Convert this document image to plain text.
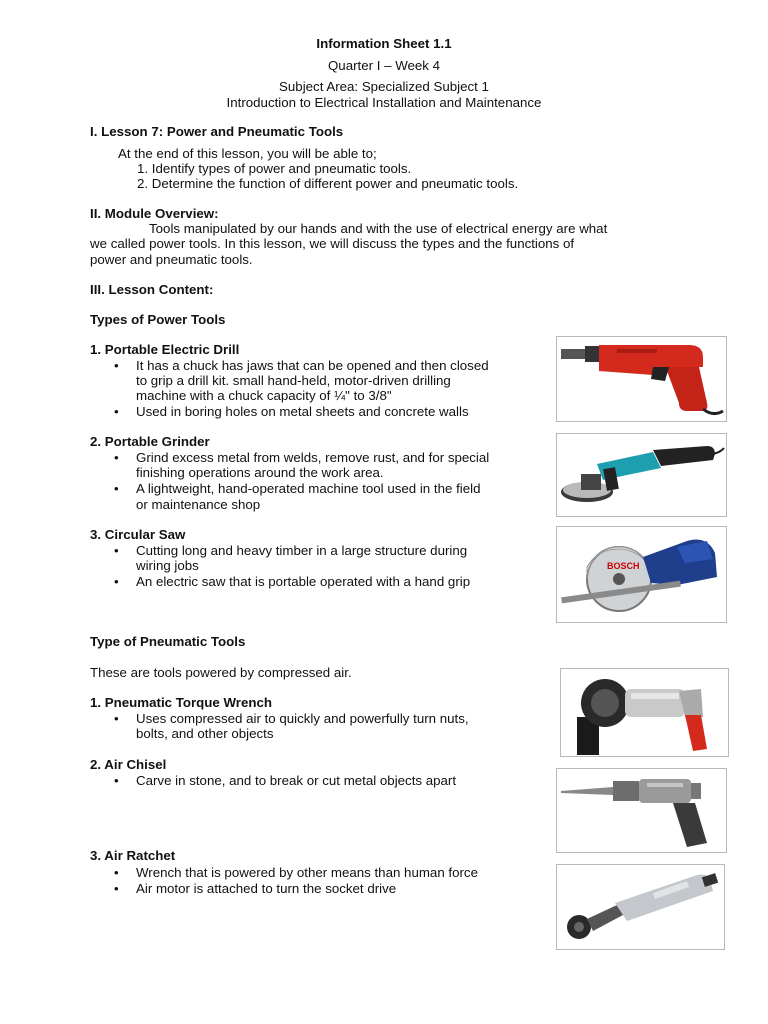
Information Sheet 1.1
Quarter I – Week 4
Subject Area: Specialized Subject 1
Introduction to Electrical Installation and Maintenance
I. Lesson 7: Power and Pneumatic Tools
At the end of this lesson, you will be able to;
1. Identify types of power and pneumatic tools.
2. Determine the function of different power and pneumatic tools.
II. Module Overview:
Tools manipulated by our hands and with the use of electrical energy are what
we called power tools. In this lesson, we will discuss the types and the functions of
power and pneumatic tools.
III. Lesson Content:
Types of Power Tools
1. Portable Electric Drill
• It has a chuck has jaws that can be opened and then closed
to grip a drill kit. small hand-held, motor-driven drilling
machine with a chuck capacity of ¼" to 3/8"
• Used in boring holes on metal sheets and concrete walls
2. Portable Grinder
• Grind excess metal from welds, remove rust, and for special
finishing operations around the work area.
• A lightweight, hand-operated machine tool used in the field
or maintenance shop
3. Circular Saw
• Cutting long and heavy timber in a large structure during
wiring jobs
• An electric saw that is portable operated with a hand grip
Type of Pneumatic Tools
These are tools powered by compressed air.
1. Pneumatic Torque Wrench
• Uses compressed air to quickly and powerfully turn nuts,
bolts, and other objects
2. Air Chisel
• Carve in stone, and to break or cut metal objects apart
3. Air Ratchet
• Wrench that is powered by other means than human force
• Air motor is attached to turn the socket drive
BOSCH
